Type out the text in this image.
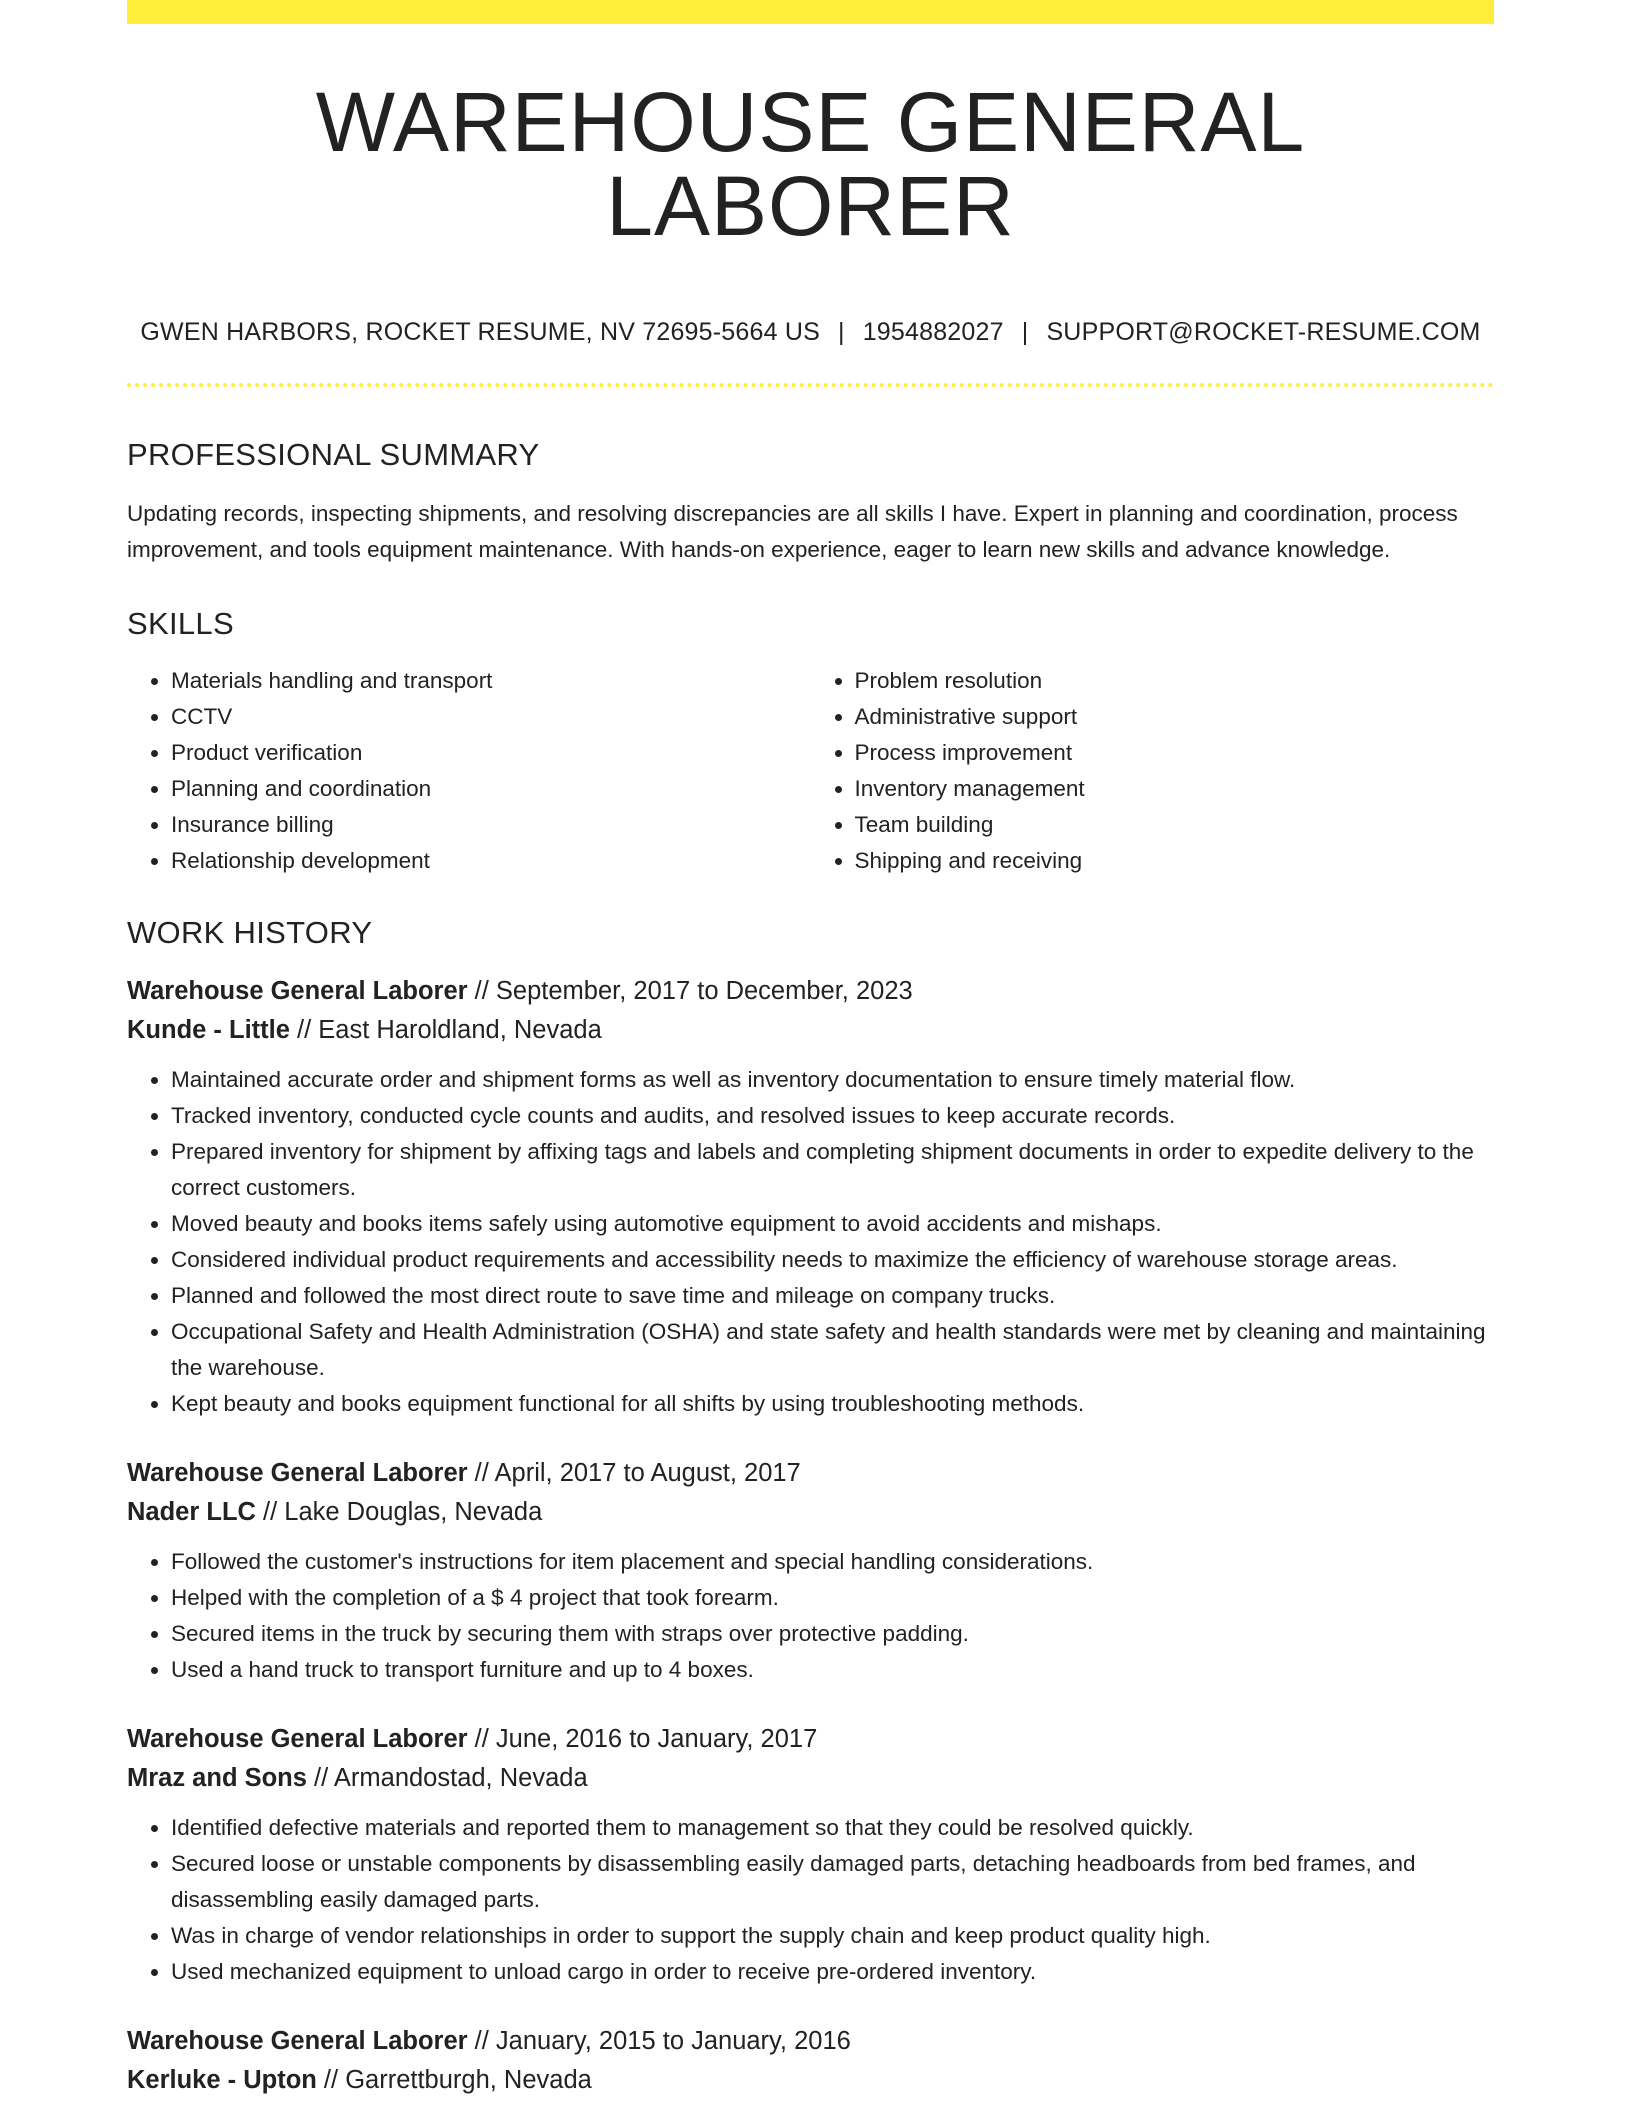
WAREHOUSE GENERAL LABORER
GWEN HARBORS, ROCKET RESUME, NV 72695-5664 US | 1954882027 | SUPPORT@ROCKET-RESUME.COM
PROFESSIONAL SUMMARY

Updating records, inspecting shipments, and resolving discrepancies are all skills I have. Expert in planning and coordination, process improvement, and tools equipment maintenance. With hands-on experience, eager to learn new skills and advance knowledge.

SKILLS
• Materials handling and transport
• CCTV
• Product verification
• Planning and coordination
• Insurance billing
• Relationship development
• Problem resolution
• Administrative support
• Process improvement
• Inventory management
• Team building
• Shipping and receiving
WORK HISTORY
Warehouse General Laborer // September, 2017 to December, 2023
Kunde - Little // East Haroldland, Nevada
• Maintained accurate order and shipment forms as well as inventory documentation to ensure timely material flow.
• Tracked inventory, conducted cycle counts and audits, and resolved issues to keep accurate records.
• Prepared inventory for shipment by affixing tags and labels and completing shipment documents in order to expedite delivery to the correct customers.
• Moved beauty and books items safely using automotive equipment to avoid accidents and mishaps.
• Considered individual product requirements and accessibility needs to maximize the efficiency of warehouse storage areas.
• Planned and followed the most direct route to save time and mileage on company trucks.
• Occupational Safety and Health Administration (OSHA) and state safety and health standards were met by cleaning and maintaining the warehouse.
• Kept beauty and books equipment functional for all shifts by using troubleshooting methods.
Warehouse General Laborer // April, 2017 to August, 2017
Nader LLC // Lake Douglas, Nevada
• Followed the customer's instructions for item placement and special handling considerations.
• Helped with the completion of a $ 4 project that took forearm.
• Secured items in the truck by securing them with straps over protective padding.
• Used a hand truck to transport furniture and up to 4 boxes.
Warehouse General Laborer // June, 2016 to January, 2017
Mraz and Sons // Armandostad, Nevada
• Identified defective materials and reported them to management so that they could be resolved quickly.
• Secured loose or unstable components by disassembling easily damaged parts, detaching headboards from bed frames, and disassembling easily damaged parts.
• Was in charge of vendor relationships in order to support the supply chain and keep product quality high.
• Used mechanized equipment to unload cargo in order to receive pre-ordered inventory.
Warehouse General Laborer // January, 2015 to January, 2016
Kerluke - Upton // Garrettburgh, Nevada
